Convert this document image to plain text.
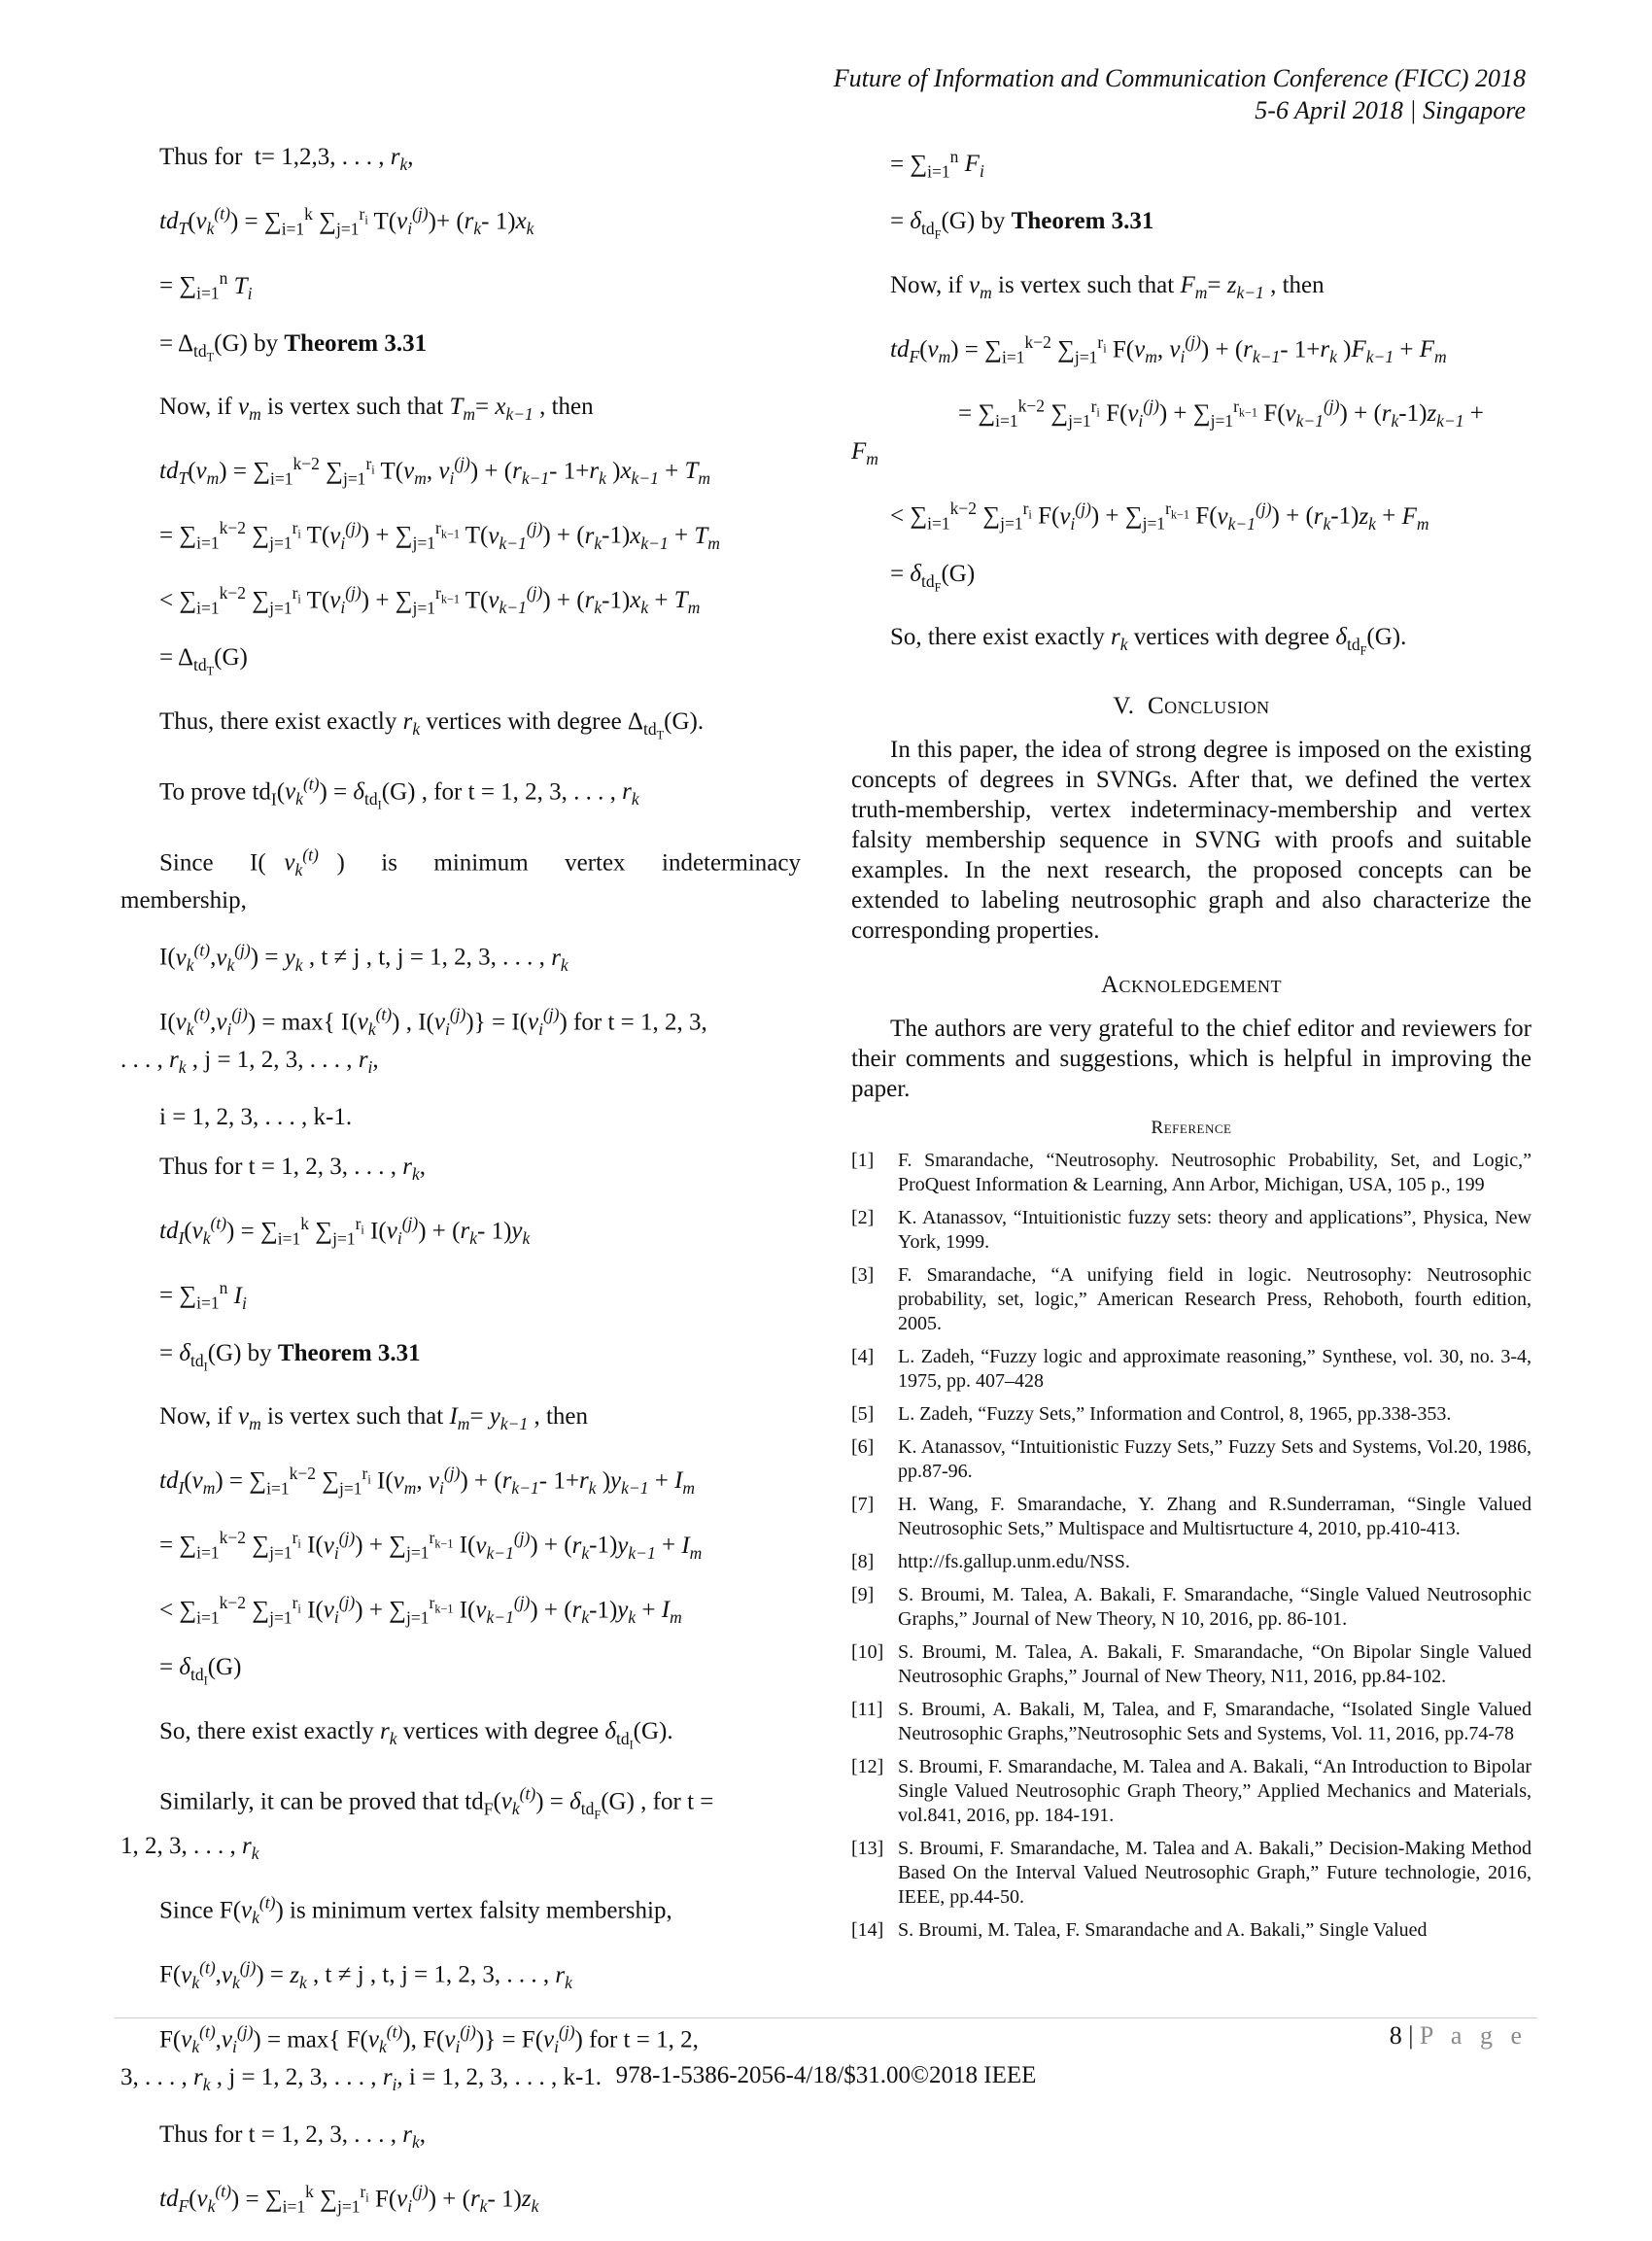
Future of Information and Communication Conference (FICC) 2018
5-6 April 2018 | Singapore
Thus for  t= 1,2,3, . . . , $r_k$,
$td_T(v_k^{(t)}) = \sum_{i=1}^k$ $\sum_{j=1}^{r_i}$ $T(v_i^{(j)})+ (r_k-$ $1)x_k$
= $\sum_{i=1}^n$ $T_i$
= $\Delta_{td_T}(G)$ by Theorem 3.31
Now, if $v_m$ is vertex such that $T_m= x_{k-1}$ , then
$td_T(v_m) = \sum_{i=1}^{k-2}$ $\sum_{j=1}^{r_i}$ $T(v_m$, $v_i^{(j)}) + (r_{k-1}-$ $1+r_k$ )$x_{k-1} + T_m$
= $\sum_{i=1}^{k-2}$ $\sum_{j=1}^{r_i}$ $T(v_i^{(j)}) + \sum_{j=1}^{r_{k-1}}$ $T(v_{k-1}^{(j)}) + (r_k-1)x_{k-1} + T_m$
< $\sum_{i=1}^{k-2}$ $\sum_{j=1}^{r_i}$ $T(v_i^{(j)}) + \sum_{j=1}^{r_{k-1}}$ $T(v_{k-1}^{(j)}) + (r_k-1)x_k + T_m$
= $\Delta_{td_T}(G)$
Thus, there exist exactly $r_k$ vertices with degree $\Delta_{td_T}(G)$.
To prove $td_I(v_k^{(t)}) = \delta_{td_I}(G)$ , for t = 1, 2, 3, . . . , $r_k$
Since  I( $v_k^{(t)}$ )  is  minimum  vertex  indeterminacy
membership,
$I(v_k^{(t)},v_k^{(j)}) = y_k$ , t ≠ j , t, j = 1, 2, 3, . . . , $r_k$
$I(v_k^{(t)},v_i^{(j)}) = \max${ $I(v_k^{(t)})$ , $I(v_i^{(j)})\} = I(v_i^{(j)})$ for t = 1, 2, 3,
. . . , $r_k$ , j = 1, 2, 3, . . . , $r_i$,
i = 1, 2, 3, . . . , k-1.
Thus for t = 1, 2, 3, . . . , $r_k$,
$td_I(v_k^{(t)}) = \sum_{i=1}^k$ $\sum_{j=1}^{r_i}$ $I(v_i^{(j)}) + (r_k-$ $1)y_k$
= $\sum_{i=1}^n$ $I_i$
= $\delta_{td_I}(G)$ by Theorem 3.31
Now, if $v_m$ is vertex such that $I_m= y_{k-1}$ , then
$td_I(v_m) = \sum_{i=1}^{k-2}$ $\sum_{j=1}^{r_i}$ $I(v_m$, $v_i^{(j)}) + (r_{k-1}-$ $1+r_k$ )$y_{k-1} + I_m$
= $\sum_{i=1}^{k-2}$ $\sum_{j=1}^{r_i}$ $I(v_i^{(j)}) + \sum_{j=1}^{r_{k-1}}$ $I(v_{k-1}^{(j)}) + (r_k-1)y_{k-1} + I_m$
< $\sum_{i=1}^{k-2}$ $\sum_{j=1}^{r_i}$ $I(v_i^{(j)}) + \sum_{j=1}^{r_{k-1}}$ $I(v_{k-1}^{(j)}) + (r_k-1)y_k + I_m$
= $\delta_{td_I}(G)$
So, there exist exactly $r_k$ vertices with degree $\delta_{td_I}(G)$.
Similarly, it can be proved that $td_F(v_k^{(t)}) = \delta_{td_F}(G)$ , for t =
1, 2, 3, . . . , $r_k$
Since $F(v_k^{(t)})$ is minimum vertex falsity membership,
$F(v_k^{(t)},v_k^{(j)}) = z_k$ , t ≠ j , t, j = 1, 2, 3, . . . , $r_k$
$F(v_k^{(t)},v_i^{(j)}) = \max${ $F(v_k^{(t)})$, $F(v_i^{(j)})\} = F(v_i^{(j)})$ for t = 1, 2,
3, . . . , $r_k$ , j = 1, 2, 3, . . . , $r_i$, i = 1, 2, 3, . . . , k-1.
Thus for t = 1, 2, 3, . . . , $r_k$,
$td_F(v_k^{(t)}) = \sum_{i=1}^k$ $\sum_{j=1}^{r_i}$ $F(v_i^{(j)}) + (r_k-$ $1)z_k$
= $\sum_{i=1}^n$ $F_i$
= $\delta_{td_F}(G)$ by Theorem 3.31
Now, if $v_m$ is vertex such that $F_m= z_{k-1}$ , then
$td_F(v_m) = \sum_{i=1}^{k-2}$ $\sum_{j=1}^{r_i}$ $F(v_m$, $v_i^{(j)}) + (r_{k-1}-$ $1+r_k$ )$F_{k-1} + F_m$
= $\sum_{i=1}^{k-2}$ $\sum_{j=1}^{r_i}$ $F(v_i^{(j)}) + \sum_{j=1}^{r_{k-1}}$ $F(v_{k-1}^{(j)}) + (r_k-1)z_{k-1}$ +
$F_m$
< $\sum_{i=1}^{k-2}$ $\sum_{j=1}^{r_i}$ $F(v_i^{(j)}) + \sum_{j=1}^{r_{k-1}}$ $F(v_{k-1}^{(j)}) + (r_k-1)z_k + F_m$
= $\delta_{td_F}(G)$
So, there exist exactly $r_k$ vertices with degree $\delta_{td_F}(G)$.
V. Conclusion

In this paper, the idea of strong degree is imposed on the existing concepts of degrees in SVNGs. After that, we defined the vertex truth-membership, vertex indeterminacy-membership and vertex falsity membership sequence in SVNG with proofs and suitable examples. In the next research, the proposed concepts can be extended to labeling neutrosophic graph and also characterize the corresponding properties.

Acknoledgement

The authors are very grateful to the chief editor and reviewers for their comments and suggestions, which is helpful in improving the paper.

Reference
[1]	F. Smarandache, “Neutrosophy. Neutrosophic Probability, Set, and Logic,” ProQuest Information & Learning, Ann Arbor, Michigan, USA, 105 p., 199
[2]	K. Atanassov, “Intuitionistic fuzzy sets: theory and applications”, Physica, New York, 1999.
[3]	F. Smarandache, “A unifying field in logic. Neutrosophy: Neutrosophic probability, set, logic,” American Research Press, Rehoboth, fourth edition, 2005.
[4]	L. Zadeh, “Fuzzy logic and approximate reasoning,” Synthese, vol. 30, no. 3-4, 1975, pp. 407–428
[5]	L. Zadeh, “Fuzzy Sets,” Information and Control, 8, 1965, pp.338-353.
[6]	K. Atanassov, “Intuitionistic Fuzzy Sets,” Fuzzy Sets and Systems, Vol.20, 1986, pp.87-96.
[7]	H. Wang, F. Smarandache, Y. Zhang and R.Sunderraman, “Single Valued Neutrosophic Sets,” Multispace and Multisrtucture 4, 2010, pp.410-413.
[8]	http://fs.gallup.unm.edu/NSS.
[9]	S. Broumi, M. Talea, A. Bakali, F. Smarandache, “Single Valued Neutrosophic Graphs,” Journal of New Theory, N 10, 2016, pp. 86-101.
[10] S. Broumi, M. Talea, A. Bakali, F. Smarandache, “On Bipolar Single Valued Neutrosophic Graphs,” Journal of New Theory, N11, 2016, pp.84-102.
[11] S. Broumi, A. Bakali, M, Talea, and F, Smarandache, “Isolated Single Valued Neutrosophic Graphs,”Neutrosophic Sets and Systems, Vol. 11, 2016, pp.74-78
[12] S. Broumi, F. Smarandache, M. Talea and A. Bakali, “An Introduction to Bipolar Single Valued Neutrosophic Graph Theory,” Applied Mechanics and Materials, vol.841, 2016, pp. 184-191.
[13] S. Broumi, F. Smarandache, M. Talea and A. Bakali,” Decision-Making Method Based On the Interval Valued Neutrosophic Graph,” Future technologie, 2016, IEEE, pp.44-50.
[14] S. Broumi, M. Talea, F. Smarandache and A. Bakali,” Single Valued
8 | P a g e
978-1-5386-2056-4/18/$31.00©2018 IEEE
